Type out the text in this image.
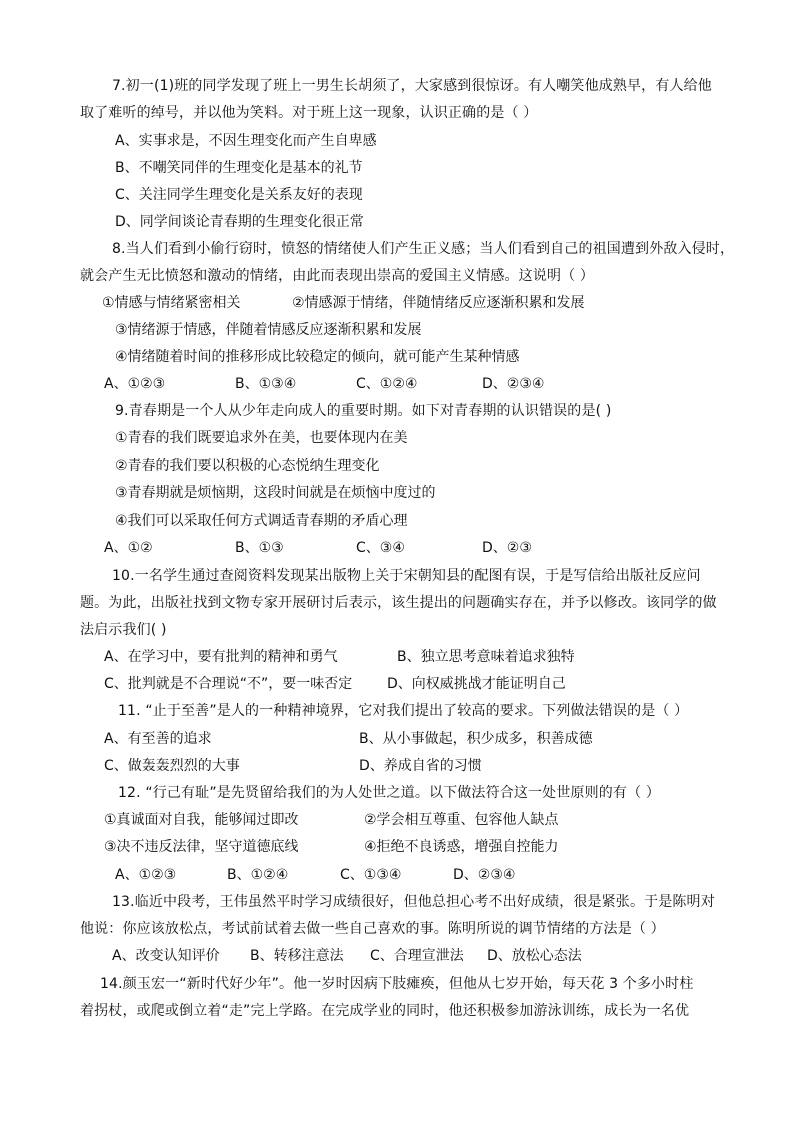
7.初一(1)班的同学发现了班上一男生长胡须了，大家感到很惊讶。有人嘲笑他成熟早，有人给他
取了难听的绰号，并以他为笑料。对于班上这一现象，认识正确的是（ ）
A、实事求是，不因生理变化而产生自卑感
B、不嘲笑同伴的生理变化是基本的礼节
C、关注同学生理变化是关系友好的表现
D、同学间谈论青春期的生理变化很正常
8.当人们看到小偷行窃时，愤怒的情绪使人们产生正义感；当人们看到自己的祖国遭到外敌入侵时，
就会产生无比愤怒和激动的情绪，由此而表现出崇高的爱国主义情感。这说明（ ）
①情感与情绪紧密相关	②情感源于情绪，伴随情绪反应逐渐积累和发展
③情绪源于情感，伴随着情感反应逐渐积累和发展
④情绪随着时间的推移形成比较稳定的倾向，就可能产生某种情感
A、①②③	B、①③④	C、①②④	D、②③④
9.青春期是一个人从少年走向成人的重要时期。如下对青春期的认识错误的是( )
①青春的我们既要追求外在美，也要体现内在美
②青春的我们要以积极的心态悦纳生理变化
③青春期就是烦恼期，这段时间就是在烦恼中度过的
④我们可以采取任何方式调适青春期的矛盾心理
A、①②	B、①③	C、③④	D、②③
10.一名学生通过查阅资料发现某出版物上关于宋朝知县的配图有误，于是写信给出版社反应问
题。为此，出版社找到文物专家开展研讨后表示，该生提出的问题确实存在，并予以修改。该同学的做
法启示我们( )
A、在学习中，要有批判的精神和勇气	B、独立思考意味着追求独特
C、批判就是不合理说“不”，要一味否定 D、向权威挑战才能证明自己
11. “止于至善”是人的一种精神境界，它对我们提出了较高的要求。下列做法错误的是（ ）
A、有至善的追求	B、从小事做起，积少成多，积善成德
C、做轰轰烈烈的大事	D、养成自省的习惯
12. “行己有耻”是先贤留给我们的为人处世之道。以下做法符合这一处世原则的有（ ）
①真诚面对自我，能够闻过即改	②学会相互尊重、包容他人缺点
③决不违反法律，坚守道德底线	④拒绝不良诱惑，增强自控能力
A、①②③	B、①②④	C、①③④	D、②③④
13.临近中段考，王伟虽然平时学习成绩很好，但他总担心考不出好成绩，很是紧张。于是陈明对
他说：你应该放松点，考试前试着去做一些自己喜欢的事。陈明所说的调节情绪的方法是（ ）
A、改变认知评价 B、转移注意法 C、合理宣泄法 D、放松心态法
14.颜玉宏一“新时代好少年”。他一岁时因病下肢瘫痪，但他从七岁开始，每天花 3 个多小时柱
着拐杖，或爬或倒立着“走”完上学路。在完成学业的同时，他还积极参加游泳训练，成长为一名优
